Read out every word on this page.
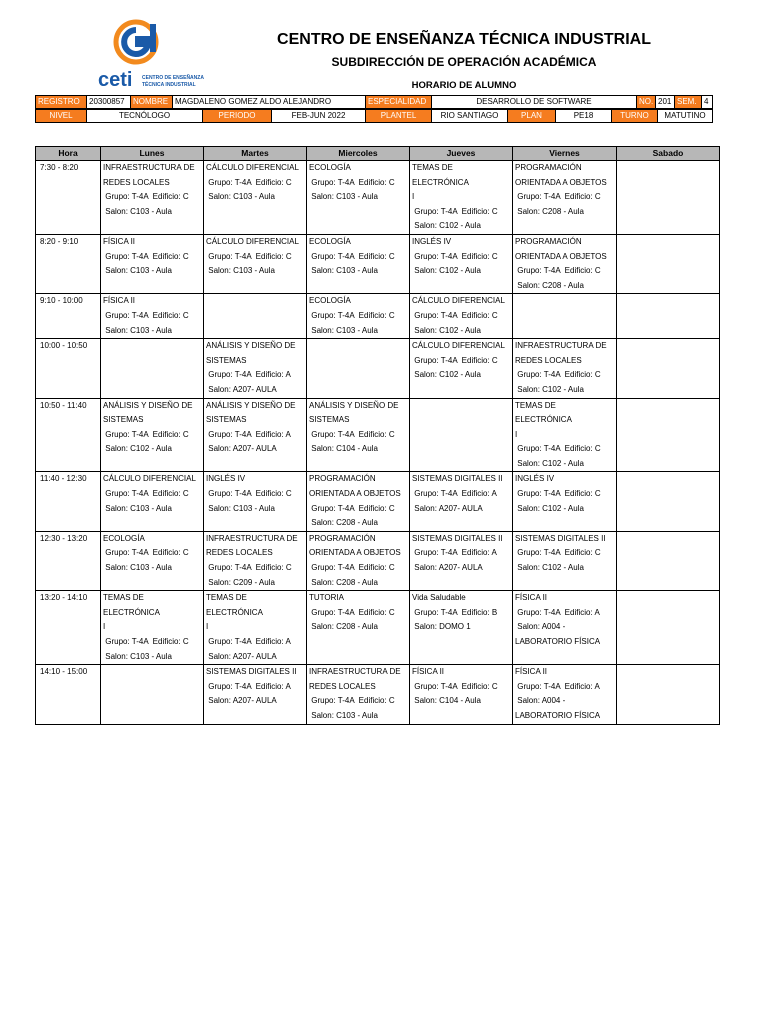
ceti CENTRO DE ENSEÑANZA
TÉCNICA INDUSTRIAL
CENTRO DE ENSEÑANZA TÉCNICA INDUSTRIAL
SUBDIRECCIÓN DE OPERACIÓN ACADÉMICA
HORARIO DE ALUMNO
REGISTRO	20300857	NOMBRE	MAGDALENO GOMEZ ALDO ALEJANDRO	ESPECIALIDAD	DESARROLLO DE SOFTWARE	NO.	201	SEM.	4
NIVEL	TECNÓLOGO	PERIODO	FEB-JUN 2022	PLANTEL	RIO SANTIAGO	PLAN	PE18	TURNO	MATUTINO
Hora	Lunes	Martes	Miercoles	Jueves	Viernes	Sabado
7:30 - 8:20	INFRAESTRUCTURA DE
REDES LOCALES
Grupo: T-4A  Edificio: C
Salon: C103 - Aula	CÁLCULO DIFERENCIAL
Grupo: T-4A  Edificio: C
Salon: C103 - Aula	ECOLOGÍA
Grupo: T-4A  Edificio: C
Salon: C103 - Aula	TEMAS DE ELECTRÓNICA
I
Grupo: T-4A  Edificio: C
Salon: C102 - Aula	PROGRAMACIÓN
ORIENTADA A OBJETOS
Grupo: T-4A  Edificio: C
Salon: C208 - Aula	

8:20 - 9:10	FÍSICA II
Grupo: T-4A  Edificio: C
Salon: C103 - Aula	CÁLCULO DIFERENCIAL
Grupo: T-4A  Edificio: C
Salon: C103 - Aula	ECOLOGÍA
Grupo: T-4A  Edificio: C
Salon: C103 - Aula	INGLÉS IV
Grupo: T-4A  Edificio: C
Salon: C102 - Aula	PROGRAMACIÓN
ORIENTADA A OBJETOS
Grupo: T-4A  Edificio: C
Salon: C208 - Aula	

9:10 - 10:00	FÍSICA II
Grupo: T-4A  Edificio: C
Salon: C103 - Aula		ECOLOGÍA
Grupo: T-4A  Edificio: C
Salon: C103 - Aula	CÁLCULO DIFERENCIAL
Grupo: T-4A  Edificio: C
Salon: C102 - Aula		

10:00 - 10:50		ANÁLISIS Y DISEÑO DE
SISTEMAS
Grupo: T-4A  Edificio: A
Salon: A207- AULA		CÁLCULO DIFERENCIAL
Grupo: T-4A  Edificio: C
Salon: C102 - Aula	INFRAESTRUCTURA DE
REDES LOCALES
Grupo: T-4A  Edificio: C
Salon: C102 - Aula	

10:50 - 11:40	ANÁLISIS Y DISEÑO DE
SISTEMAS
Grupo: T-4A  Edificio: C
Salon: C102 - Aula	ANÁLISIS Y DISEÑO DE
SISTEMAS
Grupo: T-4A  Edificio: A
Salon: A207- AULA	ANÁLISIS Y DISEÑO DE
SISTEMAS
Grupo: T-4A  Edificio: C
Salon: C104 - Aula		TEMAS DE ELECTRÓNICA
I
Grupo: T-4A  Edificio: C
Salon: C102 - Aula	

11:40 - 12:30	CÁLCULO DIFERENCIAL
Grupo: T-4A  Edificio: C
Salon: C103 - Aula	INGLÉS IV
Grupo: T-4A  Edificio: C
Salon: C103 - Aula	PROGRAMACIÓN
ORIENTADA A OBJETOS
Grupo: T-4A  Edificio: C
Salon: C208 - Aula	SISTEMAS DIGITALES II
Grupo: T-4A  Edificio: A
Salon: A207- AULA	INGLÉS IV
Grupo: T-4A  Edificio: C
Salon: C102 - Aula	

12:30 - 13:20	ECOLOGÍA
Grupo: T-4A  Edificio: C
Salon: C103 - Aula	INFRAESTRUCTURA DE
REDES LOCALES
Grupo: T-4A  Edificio: C
Salon: C209 - Aula	PROGRAMACIÓN
ORIENTADA A OBJETOS
Grupo: T-4A  Edificio: C
Salon: C208 - Aula	SISTEMAS DIGITALES II
Grupo: T-4A  Edificio: A
Salon: A207- AULA	SISTEMAS DIGITALES II
Grupo: T-4A  Edificio: C
Salon: C102 - Aula	

13:20 - 14:10	TEMAS DE ELECTRÓNICA
I
Grupo: T-4A  Edificio: C
Salon: C103 - Aula	TEMAS DE ELECTRÓNICA
I
Grupo: T-4A  Edificio: A
Salon: A207- AULA	TUTORIA
Grupo: T-4A  Edificio: C
Salon: C208 - Aula	Vida Saludable
Grupo: T-4A  Edificio: B
Salon: DOMO 1	FÍSICA II
Grupo: T-4A  Edificio: A
Salon: A004 -
LABORATORIO FÍSICA	

14:10 - 15:00		SISTEMAS DIGITALES II
Grupo: T-4A  Edificio: A
Salon: A207- AULA	INFRAESTRUCTURA DE
REDES LOCALES
Grupo: T-4A  Edificio: C
Salon: C103 - Aula	FÍSICA II
Grupo: T-4A  Edificio: C
Salon: C104 - Aula	FÍSICA II
Grupo: T-4A  Edificio: A
Salon: A004 -
LABORATORIO FÍSICA	
